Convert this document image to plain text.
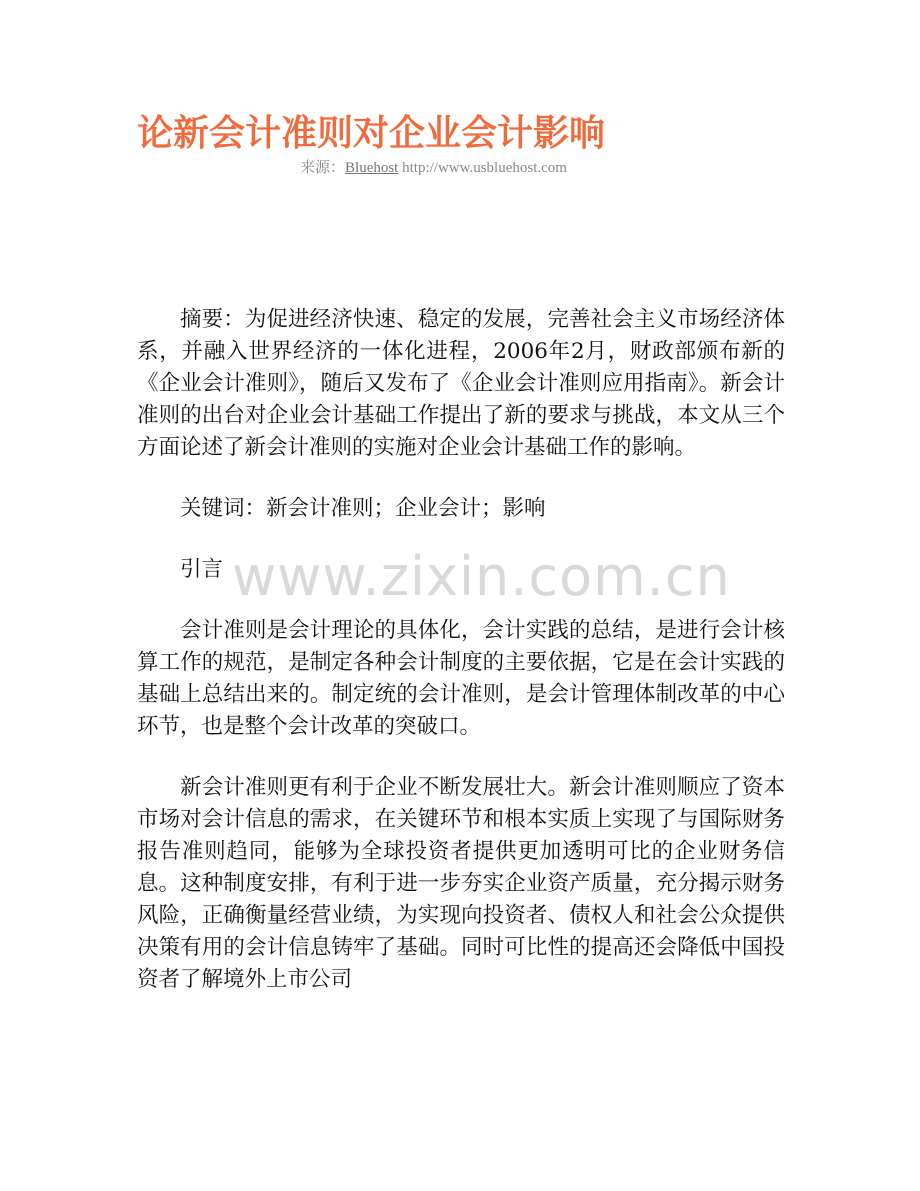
论新会计准则对企业会计影响
来源：Bluehost http://www.usbluehost.com

摘要：为促进经济快速、稳定的发展，完善社会主义市场经济体系，并融入世界经济的一体化进程，2006年2月，财政部颁布新的《企业会计准则》，随后又发布了《企业会计准则应用指南》。新会计准则的出台对企业会计基础工作提出了新的要求与挑战，本文从三个方面论述了新会计准则的实施对企业会计基础工作的影响。

关键词：新会计准则；企业会计；影响

引言

会计准则是会计理论的具体化，会计实践的总结，是进行会计核算工作的规范，是制定各种会计制度的主要依据，它是在会计实践的基础上总结出来的。制定统的会计准则，是会计管理体制改革的中心环节，也是整个会计改革的突破口。

新会计准则更有利于企业不断发展壮大。新会计准则顺应了资本市场对会计信息的需求，在关键环节和根本实质上实现了与国际财务报告准则趋同，能够为全球投资者提供更加透明可比的企业财务信息。这种制度安排，有利于进一步夯实企业资产质量，充分揭示财务风险，正确衡量经营业绩，为实现向投资者、债权人和社会公众提供决策有用的会计信息铸牢了基础。同时可比性的提高还会降低中国投资者了解境外上市公司

www.zixin.com.cn
